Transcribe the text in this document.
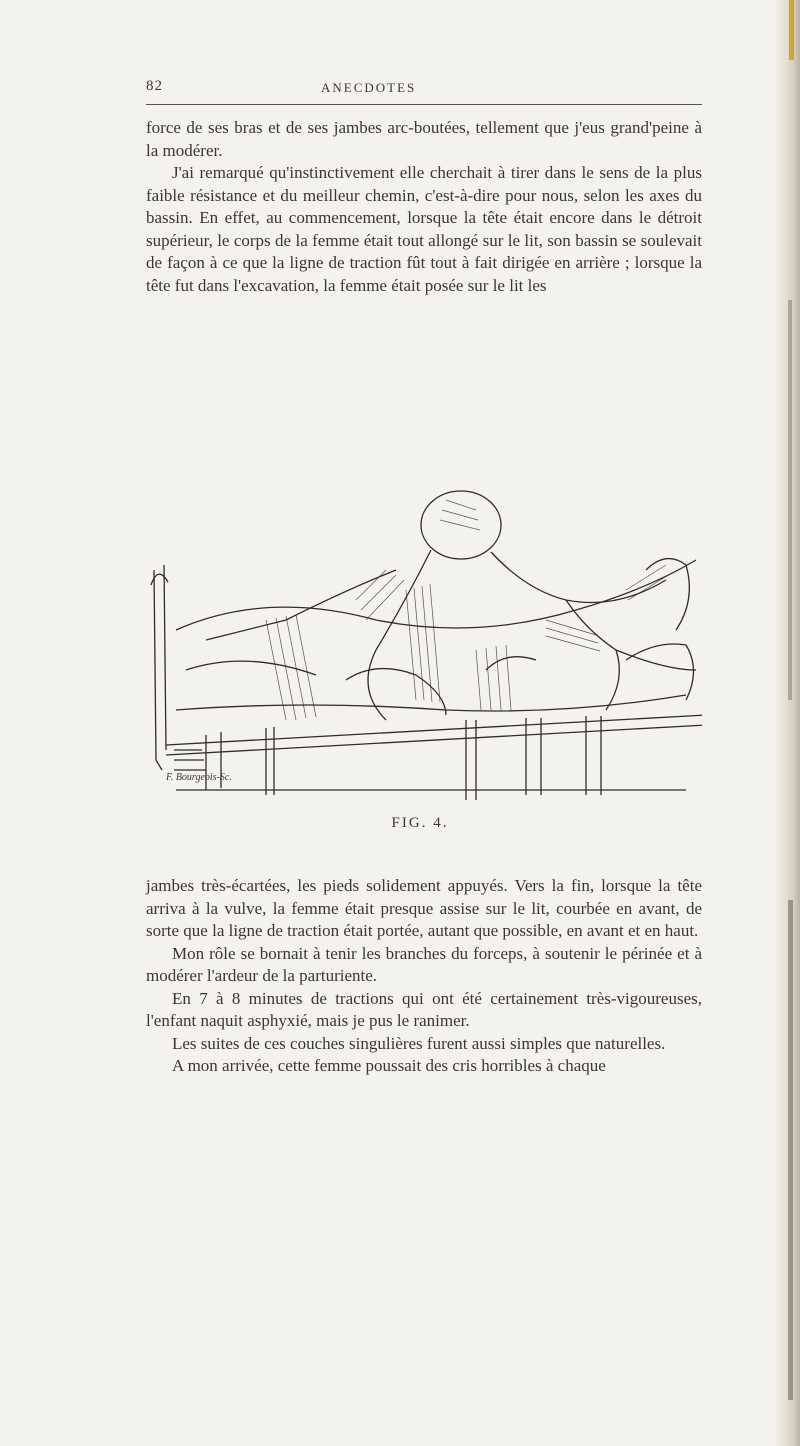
82	ANECDOTES

force de ses bras et de ses jambes arc-boutées, tellement que j'eus grand'peine à la modérer.

J'ai remarqué qu'instinctivement elle cherchait à tirer dans le sens de la plus faible résistance et du meilleur chemin, c'est-à-dire pour nous, selon les axes du bassin. En effet, au commencement, lorsque la tête était encore dans le détroit supérieur, le corps de la femme était tout allongé sur le lit, son bassin se soulevait de façon à ce que la ligne de traction fût tout à fait dirigée en arrière ; lorsque la tête fut dans l'excavation, la femme était posée sur le lit les

F. Bourgeois-Sc.
FIG. 4.

jambes très-écartées, les pieds solidement appuyés. Vers la fin, lorsque la tête arriva à la vulve, la femme était presque assise sur le lit, courbée en avant, de sorte que la ligne de traction était portée, autant que possible, en avant et en haut.

Mon rôle se bornait à tenir les branches du forceps, à soutenir le périnée et à modérer l'ardeur de la parturiente.

En 7 à 8 minutes de tractions qui ont été certainement très-vigoureuses, l'enfant naquit asphyxié, mais je pus le ranimer.

Les suites de ces couches singulières furent aussi simples que naturelles.

A mon arrivée, cette femme poussait des cris horribles à chaque
